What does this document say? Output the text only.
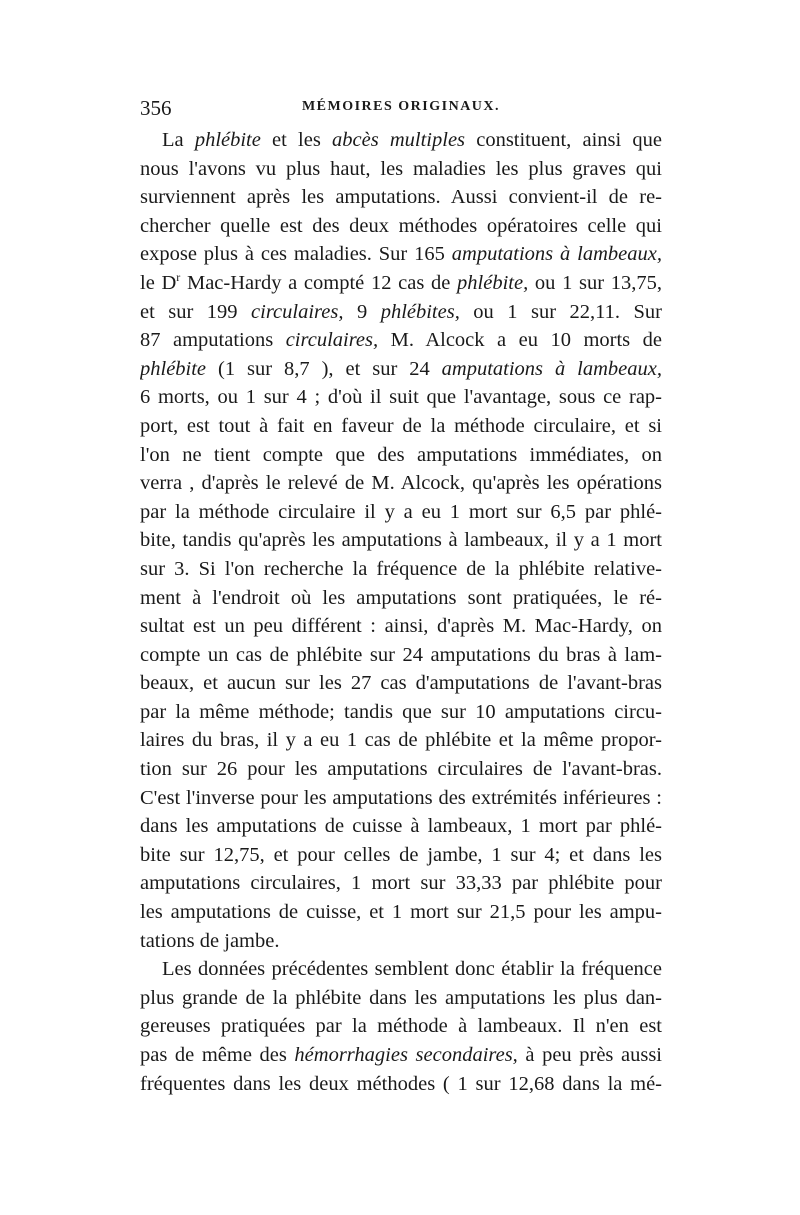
356	MÉMOIRES ORIGINAUX.
La phlébite et les abcès multiples constituent, ainsi que
nous l'avons vu plus haut, les maladies les plus graves qui
surviennent après les amputations. Aussi convient-il de re-
chercher quelle est des deux méthodes opératoires celle qui
expose plus à ces maladies. Sur 165 amputations à lambeaux,
le $D^r$ Mac-Hardy a compté 12 cas de phlébite, ou 1 sur 13,75,
et sur 199 circulaires, 9 phlébites, ou 1 sur 22,11. Sur
87 amputations circulaires, M. Alcock a eu 10 morts de
phlébite (1 sur 8,7 ), et sur 24 amputations à lambeaux,
6 morts, ou 1 sur 4 ; d'où il suit que l'avantage, sous ce rap-
port, est tout à fait en faveur de la méthode circulaire, et si
l'on ne tient compte que des amputations immédiates, on
verra , d'après le relevé de M. Alcock, qu'après les opérations
par la méthode circulaire il y a eu 1 mort sur 6,5 par phlé-
bite, tandis qu'après les amputations à lambeaux, il y a 1 mort
sur 3. Si l'on recherche la fréquence de la phlébite relative-
ment à l'endroit où les amputations sont pratiquées, le ré-
sultat est un peu différent : ainsi, d'après M. Mac-Hardy, on
compte un cas de phlébite sur 24 amputations du bras à lam-
beaux, et aucun sur les 27 cas d'amputations de l'avant-bras
par la même méthode; tandis que sur 10 amputations circu-
laires du bras, il y a eu 1 cas de phlébite et la même propor-
tion sur 26 pour les amputations circulaires de l'avant-bras.
C'est l'inverse pour les amputations des extrémités inférieures :
dans les amputations de cuisse à lambeaux, 1 mort par phlé-
bite sur 12,75, et pour celles de jambe, 1 sur 4; et dans les
amputations circulaires, 1 mort sur 33,33 par phlébite pour
les amputations de cuisse, et 1 mort sur 21,5 pour les ampu-
tations de jambe.
Les données précédentes semblent donc établir la fréquence
plus grande de la phlébite dans les amputations les plus dan-
gereuses pratiquées par la méthode à lambeaux. Il n'en est
pas de même des hémorrhagies secondaires, à peu près aussi
fréquentes dans les deux méthodes ( 1 sur 12,68 dans la mé-
